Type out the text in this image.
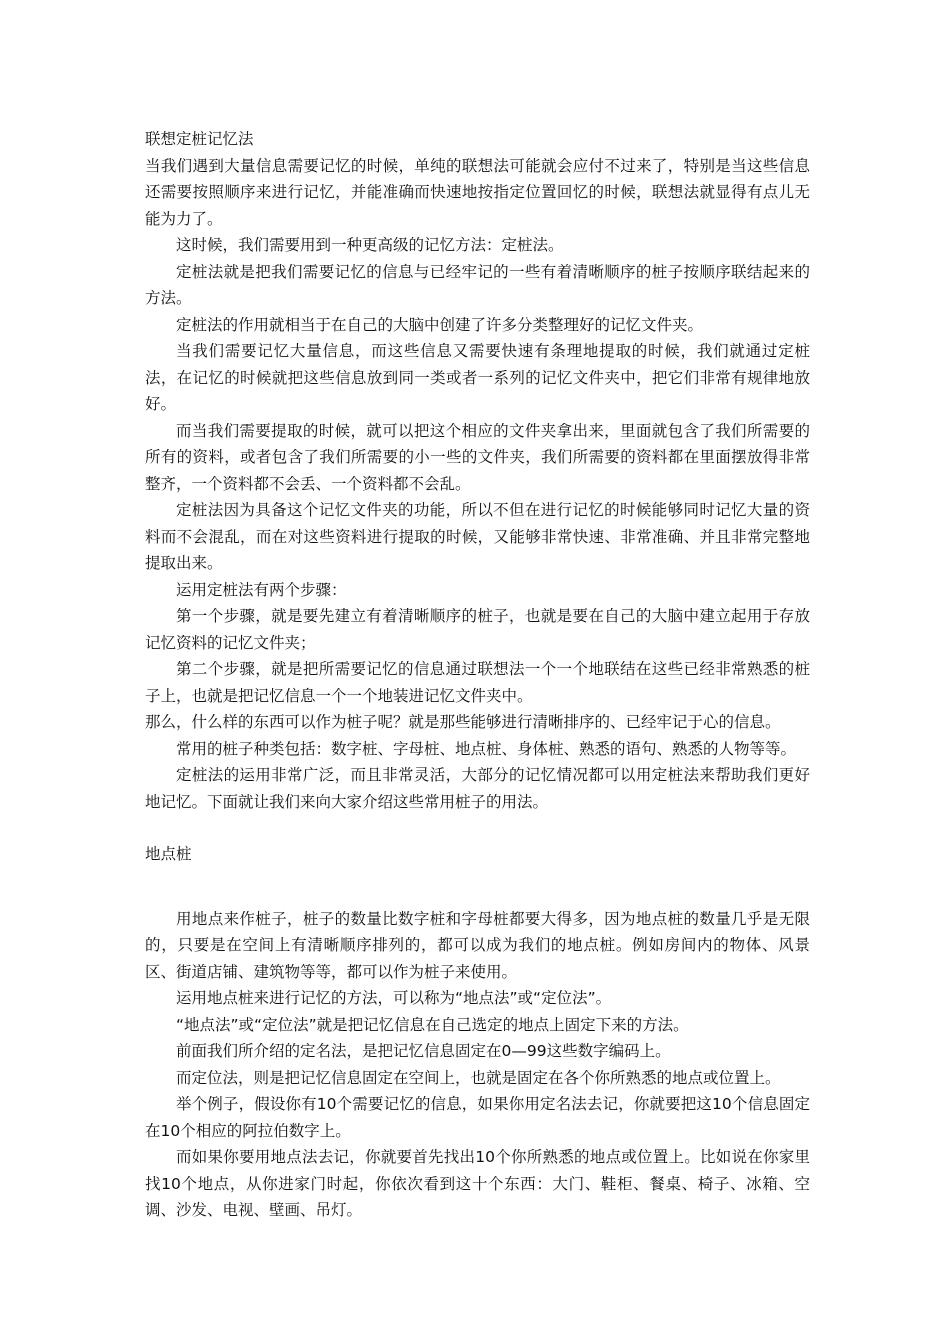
联想定桩记忆法

当我们遇到大量信息需要记忆的时候，单纯的联想法可能就会应付不过来了，特别是当这些信息还需要按照顺序来进行记忆，并能准确而快速地按指定位置回忆的时候，联想法就显得有点儿无能为力了。

这时候，我们需要用到一种更高级的记忆方法：定桩法。

定桩法就是把我们需要记忆的信息与已经牢记的一些有着清晰顺序的桩子按顺序联结起来的方法。

定桩法的作用就相当于在自己的大脑中创建了许多分类整理好的记忆文件夹。

当我们需要记忆大量信息，而这些信息又需要快速有条理地提取的时候，我们就通过定桩法，在记忆的时候就把这些信息放到同一类或者一系列的记忆文件夹中，把它们非常有规律地放好。

而当我们需要提取的时候，就可以把这个相应的文件夹拿出来，里面就包含了我们所需要的所有的资料，或者包含了我们所需要的小一些的文件夹，我们所需要的资料都在里面摆放得非常整齐，一个资料都不会丢、一个资料都不会乱。

定桩法因为具备这个记忆文件夹的功能，所以不但在进行记忆的时候能够同时记忆大量的资料而不会混乱，而在对这些资料进行提取的时候，又能够非常快速、非常准确、并且非常完整地提取出来。

运用定桩法有两个步骤：

第一个步骤，就是要先建立有着清晰顺序的桩子，也就是要在自己的大脑中建立起用于存放记忆资料的记忆文件夹；

第二个步骤，就是把所需要记忆的信息通过联想法一个一个地联结在这些已经非常熟悉的桩子上，也就是把记忆信息一个一个地装进记忆文件夹中。

那么，什么样的东西可以作为桩子呢？就是那些能够进行清晰排序的、已经牢记于心的信息。

常用的桩子种类包括：数字桩、字母桩、地点桩、身体桩、熟悉的语句、熟悉的人物等等。

定桩法的运用非常广泛，而且非常灵活，大部分的记忆情况都可以用定桩法来帮助我们更好地记忆。下面就让我们来向大家介绍这些常用桩子的用法。

地点桩

用地点来作桩子，桩子的数量比数字桩和字母桩都要大得多，因为地点桩的数量几乎是无限的，只要是在空间上有清晰顺序排列的，都可以成为我们的地点桩。例如房间内的物体、风景区、街道店铺、建筑物等等，都可以作为桩子来使用。

运用地点桩来进行记忆的方法，可以称为“地点法”或“定位法”。

“地点法”或“定位法”就是把记忆信息在自己选定的地点上固定下来的方法。

前面我们所介绍的定名法，是把记忆信息固定在0—99这些数字编码上。

而定位法，则是把记忆信息固定在空间上，也就是固定在各个你所熟悉的地点或位置上。

举个例子，假设你有10个需要记忆的信息，如果你用定名法去记，你就要把这10个信息固定在10个相应的阿拉伯数字上。

而如果你要用地点法去记，你就要首先找出10个你所熟悉的地点或位置上。比如说在你家里找10个地点，从你进家门时起，你依次看到这十个东西：大门、鞋柜、餐桌、椅子、冰箱、空调、沙发、电视、壁画、吊灯。
